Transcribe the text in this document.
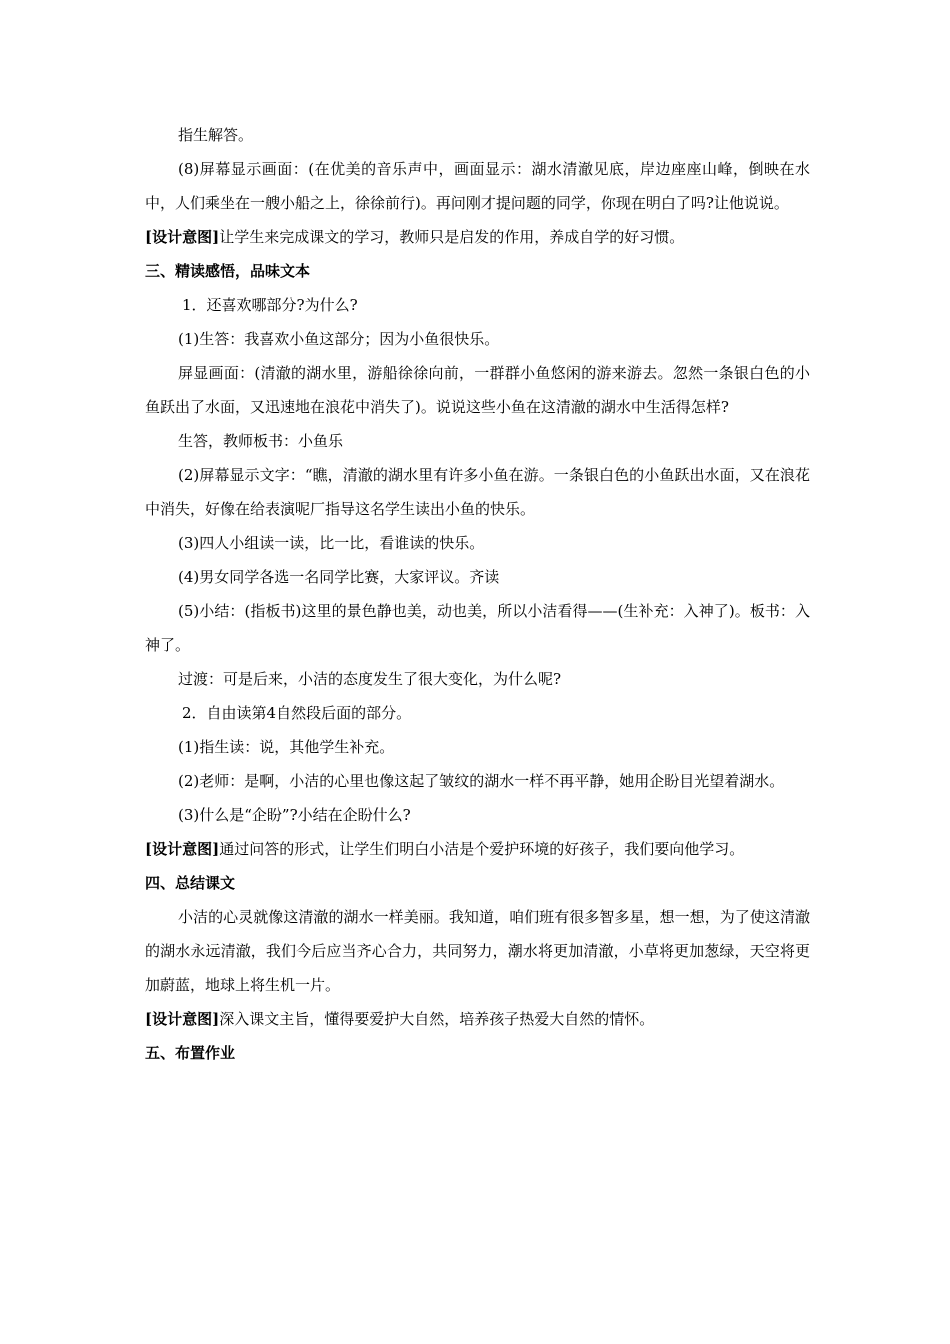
指生解答。

(8)屏幕显示画面：(在优美的音乐声中，画面显示：湖水清澈见底，岸边座座山峰，倒映在水中，人们乘坐在一艘小船之上，徐徐前行)。再问刚才提问题的同学，你现在明白了吗?让他说说。

[设计意图]让学生来完成课文的学习，教师只是启发的作用，养成自学的好习惯。

三、精读感悟，品味文本

1．还喜欢哪部分?为什么?

(1)生答：我喜欢小鱼这部分；因为小鱼很快乐。

屏显画面：(清澈的湖水里，游船徐徐向前，一群群小鱼悠闲的游来游去。忽然一条银白色的小鱼跃出了水面，又迅速地在浪花中消失了)。说说这些小鱼在这清澈的湖水中生活得怎样?

生答，教师板书：小鱼乐

(2)屏幕显示文字：“瞧，清澈的湖水里有许多小鱼在游。一条银白色的小鱼跃出水面，又在浪花中消失，好像在给表演呢厂指导这名学生读出小鱼的快乐。

(3)四人小组读一读，比一比，看谁读的快乐。

(4)男女同学各选一名同学比赛，大家评议。齐读

(5)小结：(指板书)这里的景色静也美，动也美，所以小洁看得——(生补充：入神了)。板书：入神了。

过渡：可是后来，小洁的态度发生了很大变化，为什么呢?

2．自由读第4自然段后面的部分。

(1)指生读：说，其他学生补充。

(2)老师：是啊，小洁的心里也像这起了皱纹的湖水一样不再平静，她用企盼目光望着湖水。

(3)什么是“企盼”?小结在企盼什么?

[设计意图]通过问答的形式，让学生们明白小洁是个爱护环境的好孩子，我们要向他学习。

四、总结课文

小洁的心灵就像这清澈的湖水一样美丽。我知道，咱们班有很多智多星，想一想，为了使这清澈的湖水永远清澈，我们今后应当齐心合力，共同努力，潮水将更加清澈，小草将更加葱绿，天空将更加蔚蓝，地球上将生机一片。

[设计意图]深入课文主旨，懂得要爱护大自然，培养孩子热爱大自然的情怀。

五、布置作业
